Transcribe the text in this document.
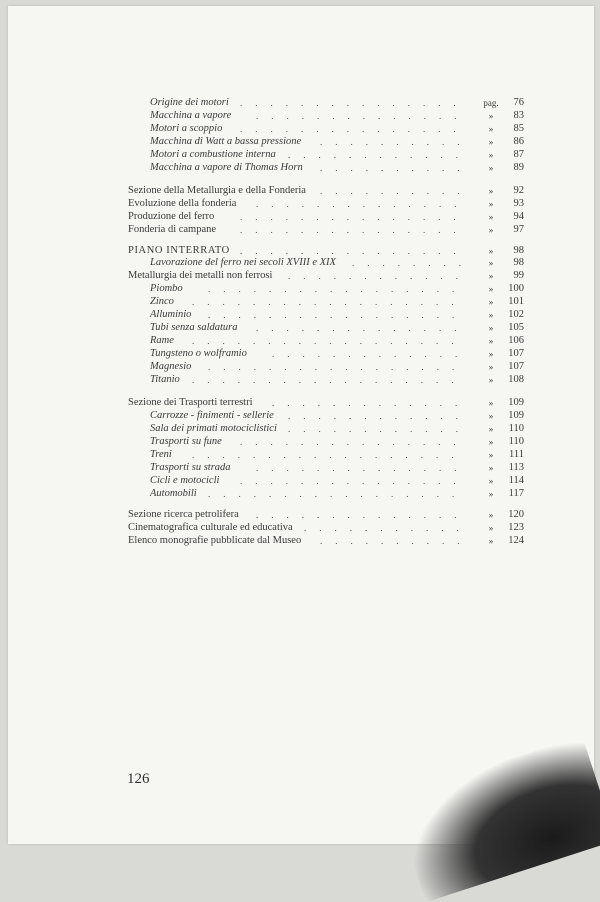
...............
Origine dei motori	pag.	76
..............
Macchina a vapore	»	83
...............
Motori a scoppio	»	85
..........
Macchina di Watt a bassa pressione	»	86
............
Motori a combustione interna	»	87
..........
Macchina a vapore di Thomas Horn	»	89
..........
Sezione della Metallurgia e della Fonderia	»	92
..............
Evoluzione della fonderia	»	93
...............
Produzione del ferro	»	94
...............
Fonderia di campane	»	97
...............
PIANO INTERRATO	»	98
........
Lavorazione del ferro nei secoli XVIII e XIX	»	98
............
Metallurgia dei metalli non ferrosi	»	99
.................
Piombo	»	100
..................
Zinco	»	101
.................
Alluminio	»	102
..............
Tubi senza saldatura	»	105
..................
Rame	»	106
.............
Tungsteno o wolframio	»	107
.................
Magnesio	»	107
..................
Titanio	»	108
.............
Sezione dei Trasporti terrestri	»	109
............
Carrozze - finimenti - sellerie	»	109
............
Sala dei primati motociclistici	»	110
...............
Trasporti su fune	»	110
..................
Treni	»	111
..............
Trasporti su strada	»	113
...............
Cicli e motocicli	»	114
.................
Automobili	»	117
..............
Sezione ricerca petrolifera	»	120
...........
Cinematografica culturale ed educativa	»	123
..........
Elenco monografie pubblicate dal Museo	»	124
126
